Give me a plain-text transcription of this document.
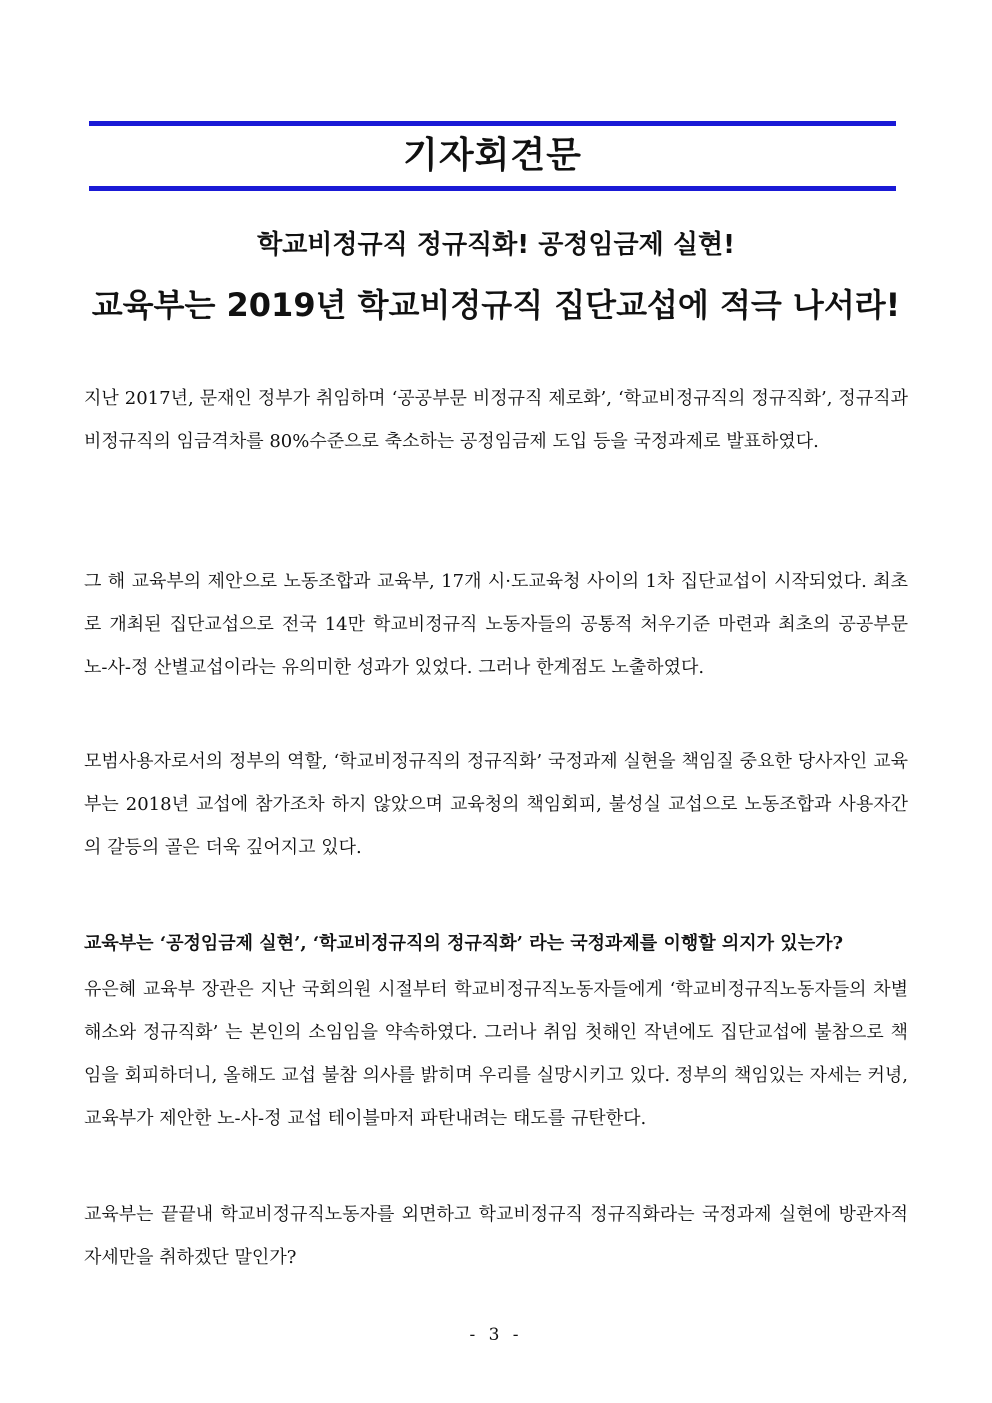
기자회견문
학교비정규직 정규직화! 공정임금제 실현!
교육부는 2019년 학교비정규직 집단교섭에 적극 나서라!
지난 2017년, 문재인 정부가 취임하며 ‘공공부문 비정규직 제로화’, ‘학교비정규직의 정규직화’, 정규직과 비정규직의 임금격차를 80%수준으로 축소하는 공정임금제 도입 등을 국정과제로 발표하였다.
그 해 교육부의 제안으로 노동조합과 교육부, 17개 시·도교육청 사이의 1차 집단교섭이 시작되었다. 최초로 개최된 집단교섭으로 전국 14만 학교비정규직 노동자들의 공통적 처우기준 마련과 최초의 공공부문 노-사-정 산별교섭이라는 유의미한 성과가 있었다. 그러나 한계점도 노출하였다.
모범사용자로서의 정부의 역할, ‘학교비정규직의 정규직화’ 국정과제 실현을 책임질 중요한 당사자인 교육부는 2018년 교섭에 참가조차 하지 않았으며 교육청의 책임회피, 불성실 교섭으로 노동조합과 사용자간의 갈등의 골은 더욱 깊어지고 있다.
교육부는 ‘공정임금제 실현’, ‘학교비정규직의 정규직화’ 라는 국정과제를 이행할 의지가 있는가?
유은혜 교육부 장관은 지난 국회의원 시절부터 학교비정규직노동자들에게 ‘학교비정규직노동자들의 차별해소와 정규직화’ 는 본인의 소임임을 약속하였다. 그러나 취임 첫해인 작년에도 집단교섭에 불참으로 책임을 회피하더니, 올해도 교섭 불참 의사를 밝히며 우리를 실망시키고 있다. 정부의 책임있는 자세는 커녕, 교육부가 제안한 노-사-정 교섭 테이블마저 파탄내려는 태도를 규탄한다.
교육부는 끝끝내 학교비정규직노동자를 외면하고 학교비정규직 정규직화라는 국정과제 실현에 방관자적 자세만을 취하겠단 말인가?
- 3 -
